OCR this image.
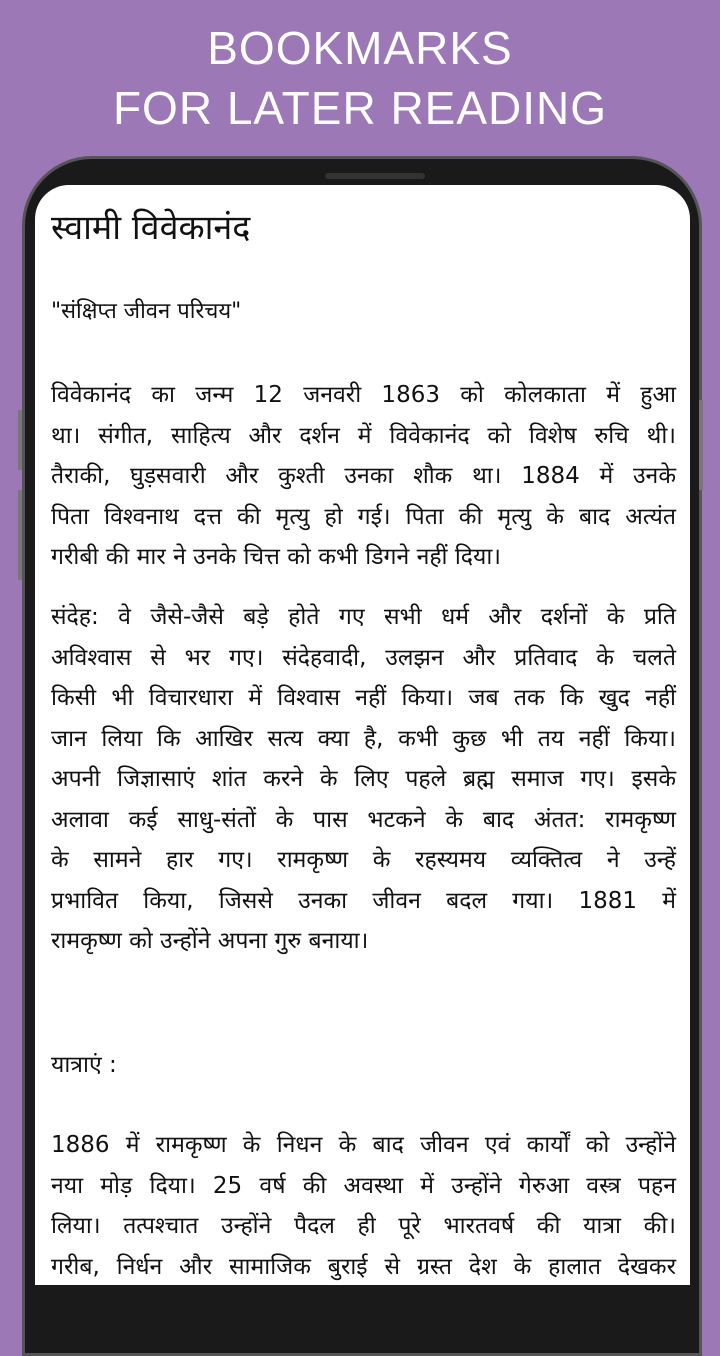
BOOKMARKS
FOR LATER READING
स्वामी विवेकानंद
"संक्षिप्त जीवन परिचय"
विवेकानंद का जन्म 12 जनवरी 1863 को कोलकाता में हुआ
था। संगीत, साहित्य और दर्शन में विवेकानंद को विशेष रुचि थी।
तैराकी, घुड़सवारी और कुश्ती उनका शौक था। 1884 में उनके
पिता विश्वनाथ दत्त की मृत्यु हो गई। पिता की मृत्यु के बाद अत्यंत
गरीबी की मार ने उनके चित्त को कभी डिगने नहीं दिया।
संदेह: वे जैसे-जैसे बड़े होते गए सभी धर्म और दर्शनों के प्रति
अविश्वास से भर गए। संदेहवादी, उलझन और प्रतिवाद के चलते
किसी भी विचारधारा में विश्वास नहीं किया। जब तक कि खुद नहीं
जान लिया कि आखिर सत्य क्या है, कभी कुछ भी तय नहीं किया।
अपनी जिज्ञासाएं शांत करने के लिए पहले ब्रह्म समाज गए। इसके
अलावा कई साधु-संतों के पास भटकने के बाद अंतत: रामकृष्ण
के सामने हार गए। रामकृष्ण के रहस्यमय व्यक्तित्व ने उन्हें
प्रभावित किया, जिससे उनका जीवन बदल गया। 1881 में
रामकृष्ण को उन्होंने अपना गुरु बनाया।
यात्राएं :
1886 में रामकृष्ण के निधन के बाद जीवन एवं कार्यों को उन्होंने
नया मोड़ दिया। 25 वर्ष की अवस्था में उन्होंने गेरुआ वस्त्र पहन
लिया। तत्पश्चात उन्होंने पैदल ही पूरे भारतवर्ष की यात्रा की।
गरीब, निर्धन और सामाजिक बुराई से ग्रस्त देश के हालात देखकर
